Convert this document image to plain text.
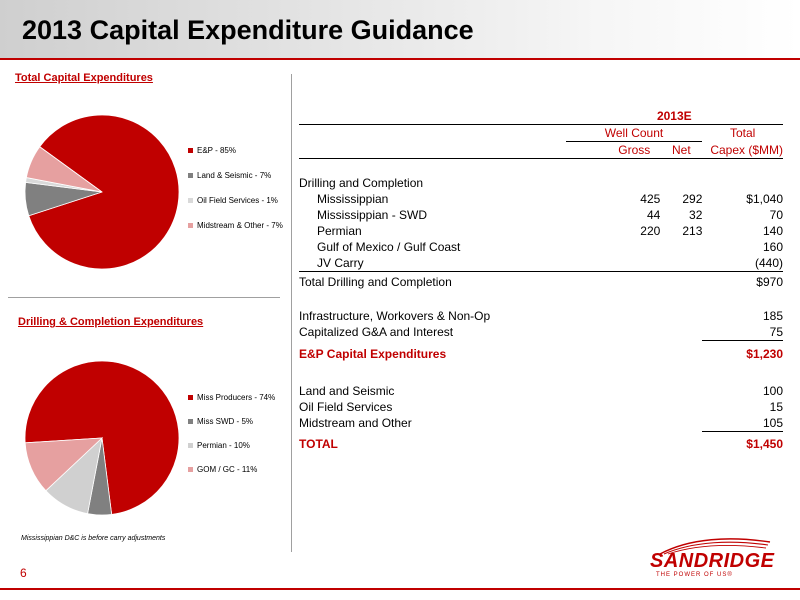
2013 Capital Expenditure Guidance
Total Capital Expenditures
E&P - 85%
Land & Seismic - 7%
Oil Field Services - 1%
Midstream & Other - 7%
Drilling & Completion Expenditures
Miss Producers - 74%
Miss SWD - 5%
Permian - 10%
GOM / GC - 11%
Mississippian D&C is before carry adjustments
	2013E		
	Well Count		Total
	Gross	Net	Capex ($MM)

Drilling and Completion			
Mississippian	425	292	$1,040
Mississippian - SWD	44	32	70
Permian	220	213	140
Gulf of Mexico / Gulf Coast			160
JV Carry			(440)
Total Drilling and Completion			$970

Infrastructure, Workovers & Non-Op			185
Capitalized G&A and Interest			75
E&P Capital Expenditures			$1,230

Land and Seismic			100
Oil Field Services			15
Midstream and Other			105
TOTAL			$1,450
6
SANDRIDGE
THE POWER OF US®
